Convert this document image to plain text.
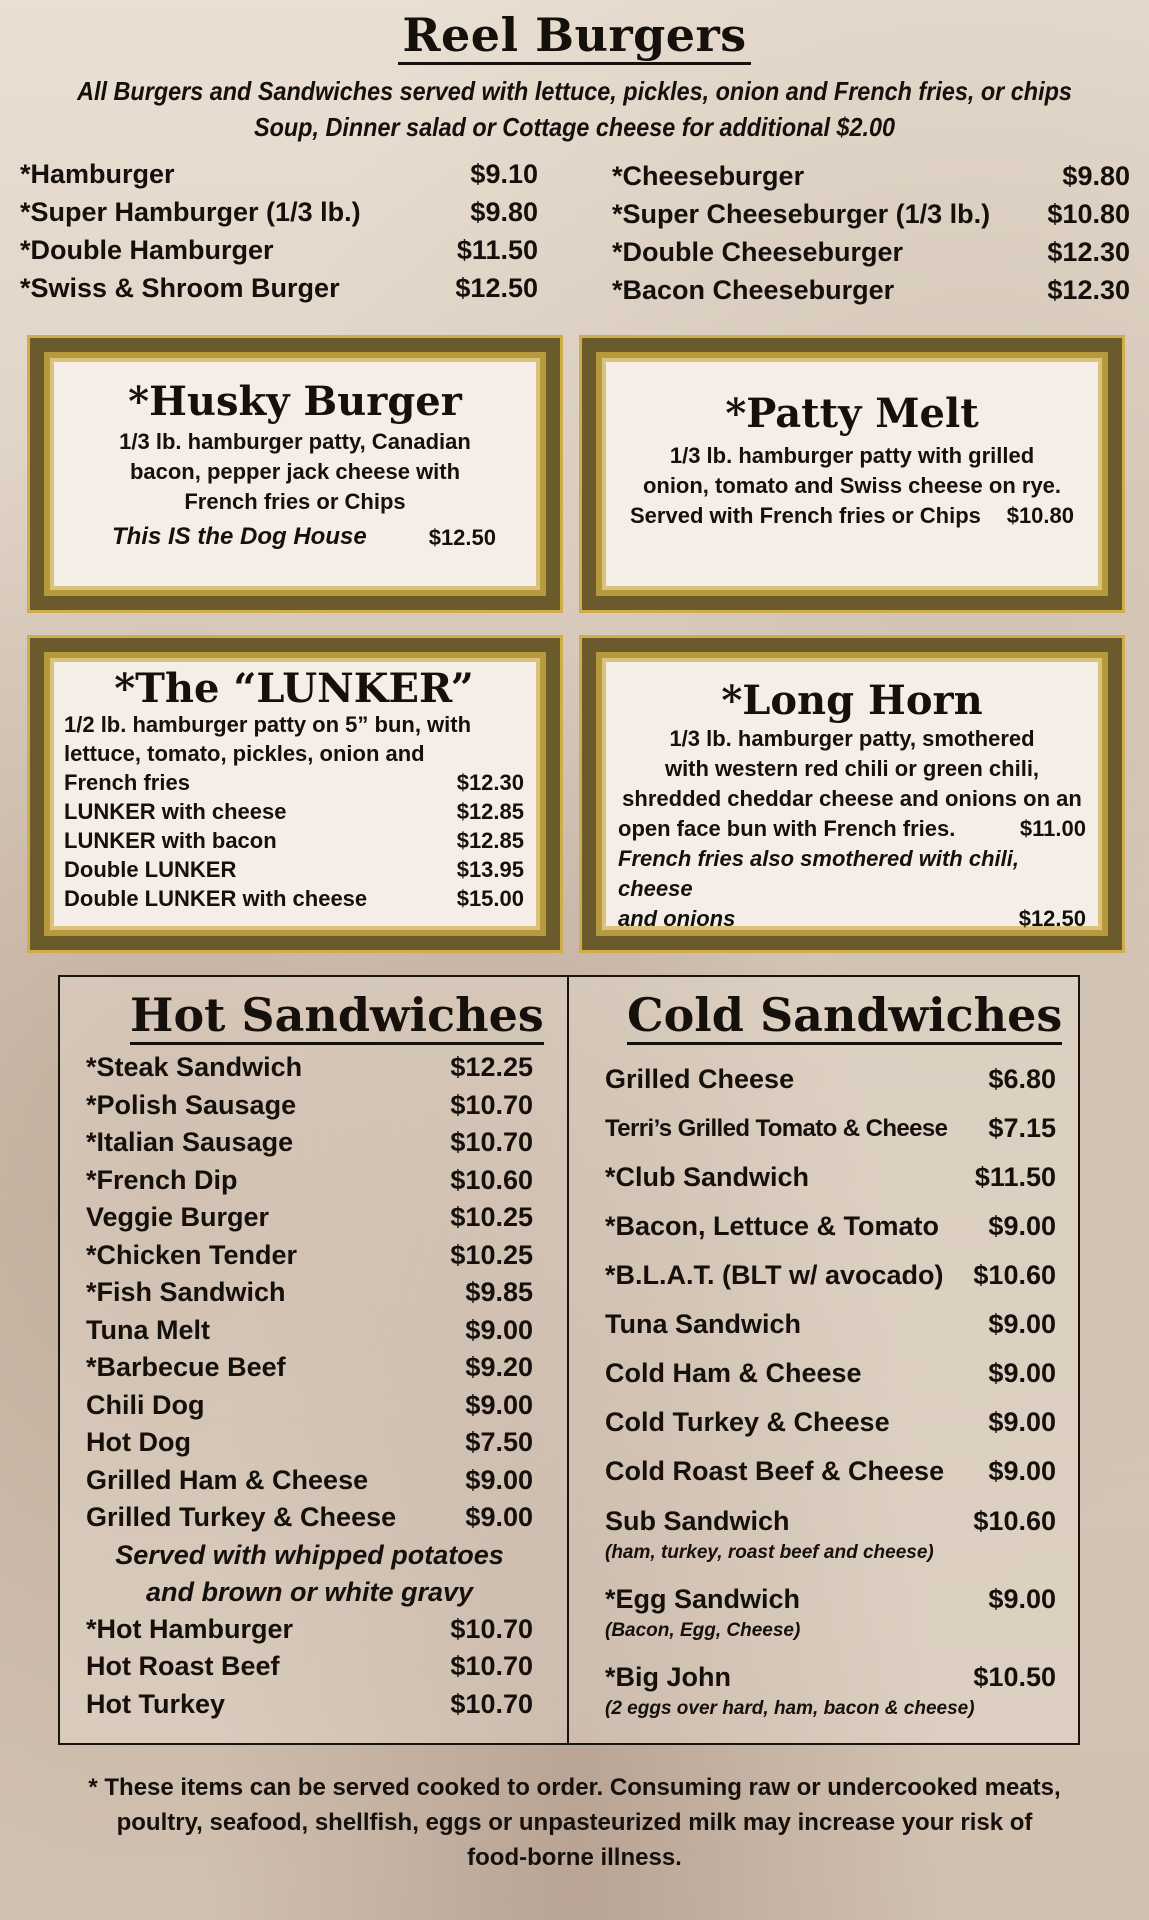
Reel Burgers
All Burgers and Sandwiches served with lettuce, pickles, onion and French fries, or chips
Soup, Dinner salad or Cottage cheese for additional $2.00
*Hamburger	$9.10
*Super Hamburger (1/3 lb.)	$9.80
*Double Hamburger	$11.50
*Swiss & Shroom Burger	$12.50
*Cheeseburger	$9.80
*Super Cheeseburger (1/3 lb.) $10.80
*Double Cheeseburger	$12.30
*Bacon Cheeseburger	$12.30
*Husky Burger
1/3 lb. hamburger patty, Canadian
bacon, pepper jack cheese with
French fries or Chips
This IS the Dog House	$12.50
*Patty Melt
1/3 lb. hamburger patty with grilled
onion, tomato and Swiss cheese on rye.
Served with French fries or Chips $10.80
*The “LUNKER”
1/2 lb. hamburger patty on 5” bun, with
lettuce, tomato, pickles, onion and
French fries	$12.30
LUNKER with cheese	$12.85
LUNKER with bacon	$12.85
Double LUNKER	$13.95
Double LUNKER with cheese	$15.00
*Long Horn
1/3 lb. hamburger patty, smothered
with western red chili or green chili,
shredded cheddar cheese and onions on an
open face bun with French fries.	$11.00
French fries also smothered with chili, cheese
and onions	$12.50
Hot Sandwiches
*Steak Sandwich	$12.25
*Polish Sausage	$10.70
*Italian Sausage	$10.70
*French Dip	$10.60
Veggie Burger	$10.25
*Chicken Tender	$10.25
*Fish Sandwich	$9.85
Tuna Melt	$9.00
*Barbecue Beef	$9.20
Chili Dog	$9.00
Hot Dog	$7.50
Grilled Ham & Cheese	$9.00
Grilled Turkey & Cheese	$9.00
Served with whipped potatoes
and brown or white gravy
*Hot Hamburger	$10.70
Hot Roast Beef	$10.70
Hot Turkey	$10.70
Cold Sandwiches
Grilled Cheese	$6.80
Terri’s Grilled Tomato & Cheese $7.15
*Club Sandwich	$11.50
*Bacon, Lettuce & Tomato $9.00
*B.L.A.T. (BLT w/ avocado) $10.60
Tuna Sandwich	$9.00
Cold Ham & Cheese	$9.00
Cold Turkey & Cheese	$9.00
Cold Roast Beef & Cheese $9.00
Sub Sandwich	$10.60
(ham, turkey, roast beef and cheese)
*Egg Sandwich	$9.00
(Bacon, Egg, Cheese)
*Big John	$10.50
(2 eggs over hard, ham, bacon & cheese)
* These items can be served cooked to order. Consuming raw or undercooked meats,
poultry, seafood, shellfish, eggs or unpasteurized milk may increase your risk of
food-borne illness.
